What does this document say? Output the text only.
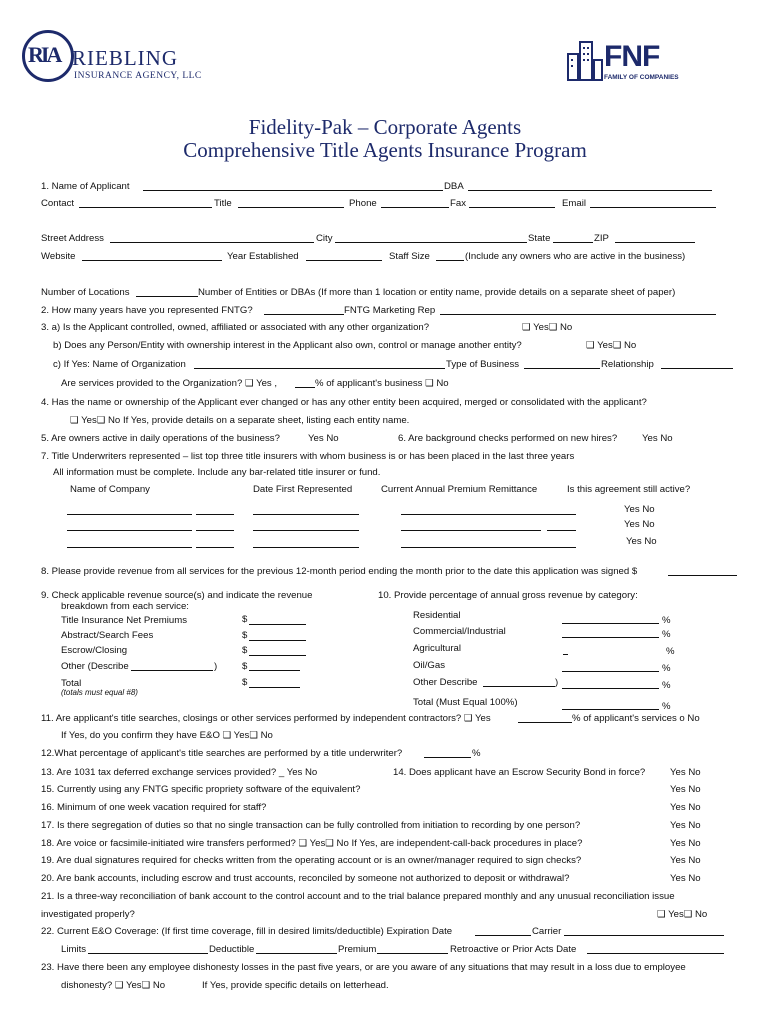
RIA RIEBLING
INSURANCE AGENCY, LLC
FNF
FAMILY OF COMPANIES
Fidelity-Pak – Corporate Agents
Comprehensive Title Agents Insurance Program
1. Name of Applicant	DBA
Contact	Title	Phone	Fax	Email
Street Address	City	State	ZIP
Website	Year Established	Staff Size	(Include any owners who are active in the business)
Number of Locations	Number of Entities or DBAs (If more than 1 location or entity name, provide details on a separate sheet of paper)
2. How many years have you represented FNTG?	FNTG Marketing Rep
3. a) Is the Applicant controlled, owned, affiliated or associated with any other organization?	❑ Yes❑ No
b) Does any Person/Entity with ownership interest in the Applicant also own, control or manage another entity?	❑ Yes❑ No
c) If Yes: Name of Organization	Type of Business	Relationship
Are services provided to the Organization? ❑ Yes ,	% of applicant's business ❑ No
4. Has the name or ownership of the Applicant ever changed or has any other entity been acquired, merged or consolidated with the applicant?
❑ Yes❑ No If Yes, provide details on a separate sheet, listing each entity name.
5. Are owners active in daily operations of the business?	Yes No	6. Are background checks performed on new hires?	Yes No
7. Title Underwriters represented – list top three title insurers with whom business is or has been placed in the last three years
All information must be complete. Include any bar-related title insurer or fund.
Name of Company	Date First Represented	Current Annual Premium Remittance	Is this agreement still active?
Yes No
Yes No
Yes No
8. Please provide revenue from all services for the previous 12-month period ending the month prior to the date this application was signed $
9. Check applicable revenue source(s) and indicate the revenue
breakdown from each service:
Title Insurance Net Premiums	$
Abstract/Search Fees	$
Escrow/Closing	$
Other (Describe	)	$
Total	$
(totals must equal #8)
10. Provide percentage of annual gross revenue by category:
Residential	%
Commercial/Industrial	%
Agricultural	%
Oil/Gas	%
Other Describe	)	%
Total (Must Equal 100%)	%
11. Are applicant's title searches, closings or other services performed by independent contractors? ❑ Yes	% of applicant's services o No
If Yes, do you confirm they have E&O ❑ Yes❑ No
12.What percentage of applicant's title searches are performed by a title underwriter?	%
13. Are 1031 tax deferred exchange services provided? _ Yes No	14. Does applicant have an Escrow Security Bond in force?	Yes No
15. Currently using any FNTG specific propriety software of the equivalent?	Yes No
16. Minimum of one week vacation required for staff?	Yes No
17. Is there segregation of duties so that no single transaction can be fully controlled from initiation to recording by one person?	Yes No
18. Are voice or facsimile-initiated wire transfers performed? ❑ Yes❑ No If Yes, are independent-call-back procedures in place?	Yes No
19. Are dual signatures required for checks written from the operating account or is an owner/manager required to sign checks?	Yes No
20. Are bank accounts, including escrow and trust accounts, reconciled by someone not authorized to deposit or withdrawal?	Yes No
21. Is a three-way reconciliation of bank account to the control account and to the trial balance prepared monthly and any unusual reconciliation issue
investigated properly?	❑ Yes❑ No
22. Current E&O Coverage: (If first time coverage, fill in desired limits/deductible) Expiration Date	Carrier
Limits	Deductible	Premium	Retroactive or Prior Acts Date
23. Have there been any employee dishonesty losses in the past five years, or are you aware of any situations that may result in a loss due to employee
dishonesty? ❑ Yes❑ No	If Yes, provide specific details on letterhead.
